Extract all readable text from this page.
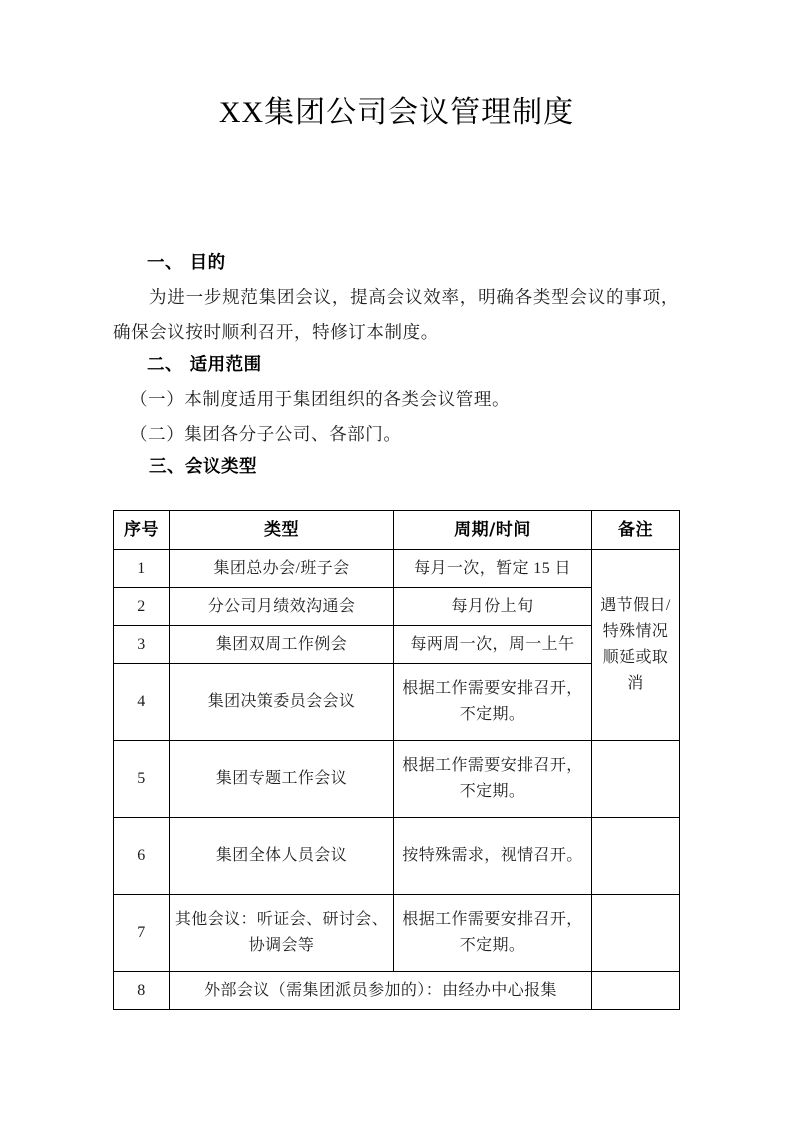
XX集团公司会议管理制度
一、 目的

为进一步规范集团会议，提高会议效率，明确各类型会议的事项，确保会议按时顺利召开，特修订本制度。

二、 适用范围

（一）本制度适用于集团组织的各类会议管理。

（二）集团各分子公司、各部门。

三、会议类型
序号	类型	周期/时间	备注
1	集团总办会/班子会	每月一次，暂定 15 日	遇节假日/特殊情况顺延或取消
2	分公司月绩效沟通会	每月份上旬	
3	集团双周工作例会	每两周一次，周一上午	
4	集团决策委员会会议	根据工作需要安排召开，不定期。	
5	集团专题工作会议	根据工作需要安排召开，不定期。	
6	集团全体人员会议	按特殊需求，视情召开。	
7	其他会议：听证会、研讨会、协调会等	根据工作需要安排召开，不定期。	
8	外部会议（需集团派员参加的）：由经办中心报集		
